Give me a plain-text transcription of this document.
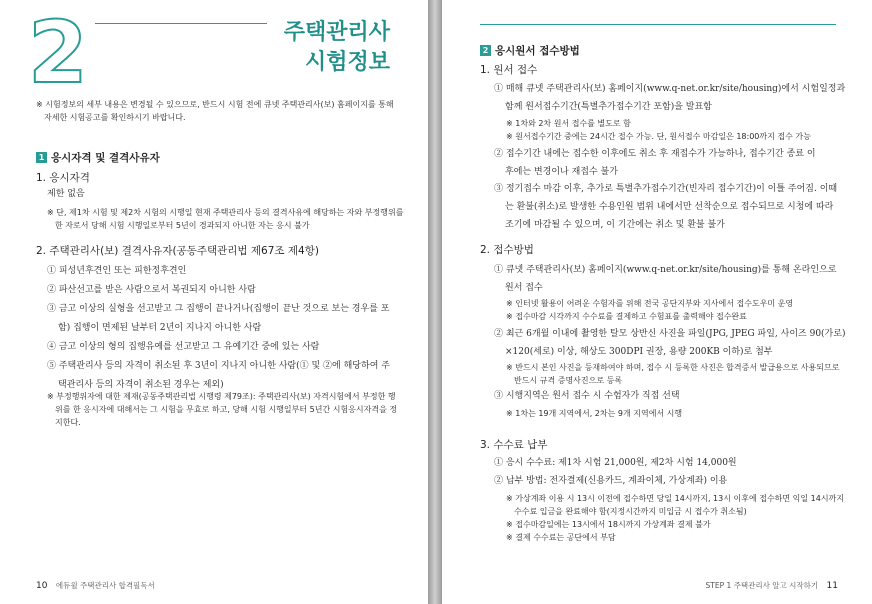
2	주택관리사
시험정보
※ 시험정보의 세부 내용은 변경될 수 있으므로, 반드시 시험 전에 큐넷 주택관리사(보) 홈페이지를 통해
자세한 시험공고를 확인하시기 바랍니다.
1 응시자격 및 결격사유자
1. 응시자격
제한 없음
※ 단, 제1차 시험 및 제2차 시험의 시행일 현재 주택관리사 등의 결격사유에 해당하는 자와 부정행위를
한 자로서 당해 시험 시행일로부터 5년이 경과되지 아니한 자는 응시 불가
2. 주택관리사(보) 결격사유자(공동주택관리법 제67조 제4항)
① 피성년후견인 또는 피한정후견인
② 파산선고를 받은 사람으로서 복권되지 아니한 사람
③ 금고 이상의 실형을 선고받고 그 집행이 끝나거나(집행이 끝난 것으로 보는 경우를 포
함) 집행이 면제된 날부터 2년이 지나지 아니한 사람
④ 금고 이상의 형의 집행유예를 선고받고 그 유예기간 중에 있는 사람
⑤ 주택관리사 등의 자격이 취소된 후 3년이 지나지 아니한 사람(① 및 ②에 해당하여 주
택관리사 등의 자격이 취소된 경우는 제외)
※ 부정행위자에 대한 제재(공동주택관리법 시행령 제79조): 주택관리사(보) 자격시험에서 부정한 행
위를 한 응시자에 대해서는 그 시험을 무효로 하고, 당해 시험 시행일부터 5년간 시험응시자격을 정
지한다.
10 에듀윌 주택관리사 합격필독서
2 응시원서 접수방법
1. 원서 접수
① 매해 큐넷 주택관리사(보) 홈페이지(www.q-net.or.kr/site/housing)에서 시험일정과
함께 원서접수기간(특별추가접수기간 포함)을 발표함
※ 1차와 2차 원서 접수를 별도로 함
※ 원서접수기간 중에는 24시간 접수 가능. 단, 원서접수 마감일은 18:00까지 접수 가능
② 접수기간 내에는 접수한 이후에도 취소 후 재접수가 가능하나, 접수기간 종료 이
후에는 변경이나 재접수 불가
③ 정기접수 마감 이후, 추가로 특별추가접수기간(빈자리 접수기간)이 이틀 주어짐. 이때
는 환불(취소)로 발생한 수용인원 범위 내에서만 선착순으로 접수되므로 시청에 따라
조기에 마감될 수 있으며, 이 기간에는 취소 및 환불 불가
2. 접수방법
① 큐넷 주택관리사(보) 홈페이지(www.q-net.or.kr/site/housing)를 통해 온라인으로
원서 접수
※ 인터넷 활용이 어려운 수험자를 위해 전국 공단지부와 지사에서 접수도우미 운영
※ 접수마감 시각까지 수수료를 결제하고 수험표를 출력해야 접수완료
② 최근 6개월 이내에 촬영한 탈모 상반신 사진을 파일(JPG, JPEG 파일, 사이즈 90(가로)
×120(세로) 이상, 해상도 300DPI 권장, 용량 200KB 이하)로 첨부
※ 반드시 본인 사진을 등재하여야 하며, 접수 시 등록한 사진은 합격증서 발급용으로 사용되므로
반드시 규격 증명사진으로 등록
③ 시행지역은 원서 접수 시 수험자가 직접 선택
※ 1차는 19개 지역에서, 2차는 9개 지역에서 시행
3. 수수료 납부
① 응시 수수료: 제1차 시험 21,000원, 제2차 시험 14,000원
② 납부 방법: 전자결제(신용카드, 계좌이체, 가상계좌) 이용
※ 가상계좌 이용 시 13시 이전에 접수하면 당일 14시까지, 13시 이후에 접수하면 익일 14시까지
수수료 입금을 완료해야 함(지정시간까지 미입금 시 접수가 취소됨)
※ 접수마감일에는 13시에서 18시까지 가상계좌 결제 불가
※ 결제 수수료는 공단에서 부담
STEP 1 주택관리사 알고 시작하기 11
